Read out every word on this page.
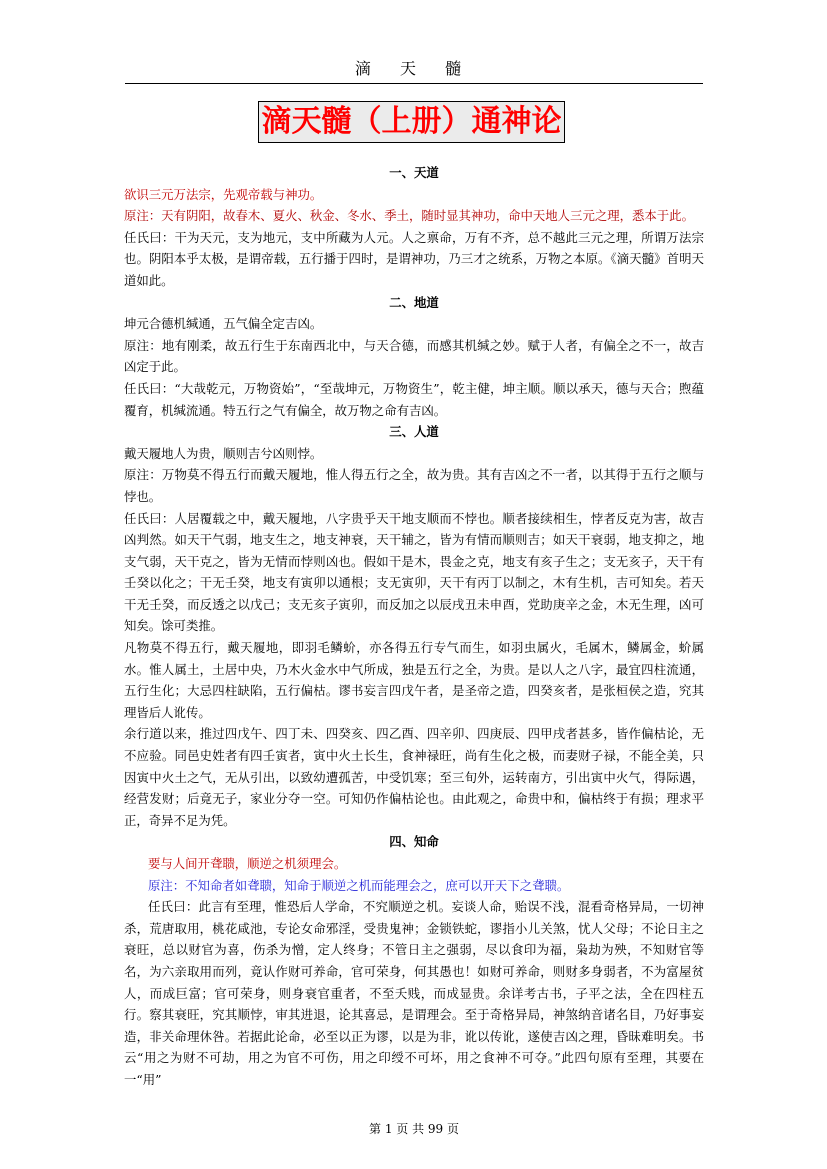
滴 天 髓
滴天髓（上册）通神论

一、天道

欲识三元万法宗，先观帝载与神功。

原注：天有阴阳，故春木、夏火、秋金、冬水、季土，随时显其神功，命中天地人三元之理，悉本于此。

任氏曰：干为天元，支为地元，支中所藏为人元。人之禀命，万有不齐，总不越此三元之理，所谓万法宗也。阴阳本乎太极，是谓帝载，五行播于四时，是谓神功，乃三才之统系，万物之本原。《滴天髓》首明天道如此。

二、地道

坤元合德机缄通，五气偏全定吉凶。

原注：地有刚柔，故五行生于东南西北中，与天合德，而感其机缄之妙。赋于人者，有偏全之不一，故吉凶定于此。

任氏曰：“大哉乾元，万物资始”，“至哉坤元，万物资生”，乾主健，坤主顺。顺以承天，德与天合；煦蕴覆育，机缄流通。特五行之气有偏全，故万物之命有吉凶。

三、人道

戴天履地人为贵，顺则吉兮凶则悖。

原注：万物莫不得五行而戴天履地，惟人得五行之全，故为贵。其有吉凶之不一者，以其得于五行之顺与悖也。

任氏曰：人居覆载之中，戴天履地，八字贵乎天干地支顺而不悖也。顺者接续相生，悖者反克为害，故吉凶判然。如天干气弱，地支生之，地支神衰，天干辅之，皆为有情而顺则吉；如天干衰弱，地支抑之，地支气弱，天干克之，皆为无情而悖则凶也。假如干是木，畏金之克，地支有亥子生之；支无亥子，天干有壬癸以化之；干无壬癸，地支有寅卯以通根；支无寅卯，天干有丙丁以制之，木有生机，吉可知矣。若天干无壬癸，而反透之以戊己；支无亥子寅卯，而反加之以辰戌丑未申酉，党助庚辛之金，木无生理，凶可知矣。馀可类推。

凡物莫不得五行，戴天履地，即羽毛鳞蚧，亦各得五行专气而生，如羽虫属火，毛属木，鳞属金，蚧属水。惟人属土，土居中央，乃木火金水中气所成，独是五行之全，为贵。是以人之八字，最宜四柱流通，五行生化；大忌四柱缺陷，五行偏枯。谬书妄言四戊午者，是圣帝之造，四癸亥者，是张桓侯之造，究其理皆后人讹传。

余行道以来，推过四戊午、四丁未、四癸亥、四乙酉、四辛卯、四庚辰、四甲戌者甚多，皆作偏枯论，无不应验。同邑史姓者有四壬寅者，寅中火土长生，食神禄旺，尚有生化之极，而妻财子禄，不能全美，只因寅中火土之气，无从引出，以致幼遭孤苦，中受饥寒；至三旬外，运转南方，引出寅中火气，得际遇，经营发财；后竟无子，家业分夺一空。可知仍作偏枯论也。由此观之，命贵中和，偏枯终于有损；理求平正，奇异不足为凭。

四、知命

要与人间开聋聩，顺逆之机须理会。

原注：不知命者如聋聩，知命于顺逆之机而能理会之，庶可以开天下之聋聩。

任氏曰：此言有至理，惟恐后人学命，不究顺逆之机。妄谈人命，贻误不浅，混看奇格异局，一切神杀，荒唐取用，桃花咸池，专论女命邪淫，受贵鬼神；金锁铁蛇，谬指小儿关煞，忧人父母；不论日主之衰旺，总以财官为喜，伤杀为憎，定人终身；不管日主之强弱，尽以食印为福，枭劫为殃，不知财官等名，为六亲取用而列，竟认作财可养命，官可荣身，何其愚也！如财可养命，则财多身弱者，不为富屋贫人，而成巨富；官可荣身，则身衰官重者，不至夭贱，而成显贵。余详考古书，子平之法，全在四柱五行。察其衰旺，究其顺悖，审其进退，论其喜忌，是谓理会。至于奇格异局，神煞纳音诸名目，乃好事妄造，非关命理休咎。若据此论命，必至以正为谬，以是为非，讹以传讹，遂使吉凶之理，昏昧难明矣。书云“用之为财不可劫，用之为官不可伤，用之印绶不可坏，用之食神不可夺。”此四句原有至理，其要在一“用”

第 1 页 共 99 页
